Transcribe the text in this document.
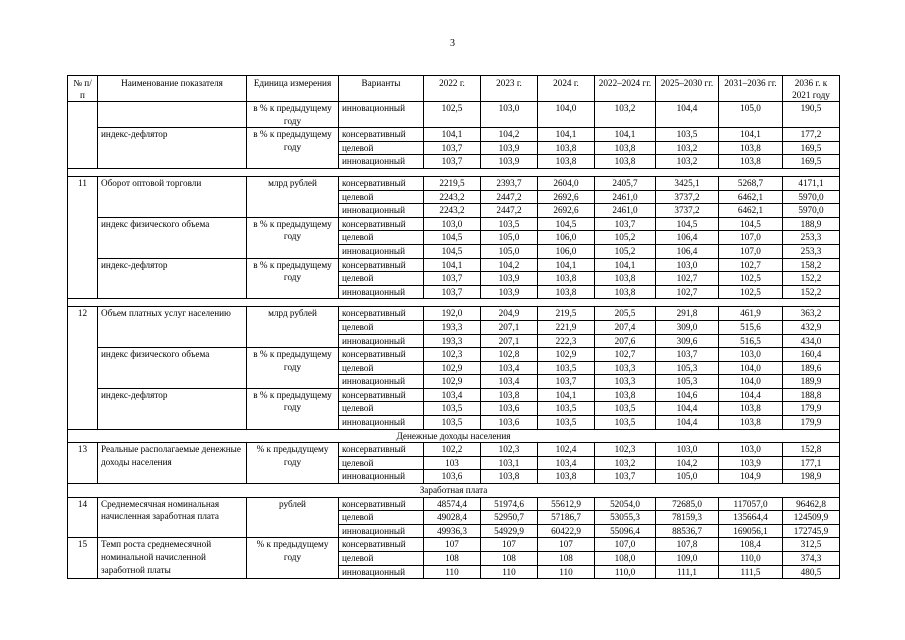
3
№ п/п	Наименование показателя	Единица измерения	Варианты	2022 г.	2023 г.	2024 г.	2022–2024 гг.	2025–2030 гг.	2031–2036 гг.	2036 г. к 2021 году
		в % к предыдущему году	инновационный	102,5	103,0	104,0	103,2	104,4	105,0	190,5
	индекс-дефлятор	в % к предыдущему году	консервативный	104,1	104,2	104,1	104,1	103,5	104,1	177,2
			целевой	103,7	103,9	103,8	103,8	103,2	103,8	169,5
			инновационный	103,7	103,9	103,8	103,8	103,2	103,8	169,5

11	Оборот оптовой торговли	млрд рублей	консервативный	2219,5	2393,7	2604,0	2405,7	3425,1	5268,7	4171,1
			целевой	2243,2	2447,2	2692,6	2461,0	3737,2	6462,1	5970,0
			инновационный	2243,2	2447,2	2692,6	2461,0	3737,2	6462,1	5970,0
	индекс физического объема	в % к предыдущему году	консервативный	103,0	103,5	104,5	103,7	104,5	104,5	188,9
			целевой	104,5	105,0	106,0	105,2	106,4	107,0	253,3
			инновационный	104,5	105,0	106,0	105,2	106,4	107,0	253,3
	индекс-дефлятор	в % к предыдущему году	консервативный	104,1	104,2	104,1	104,1	103,0	102,7	158,2
			целевой	103,7	103,9	103,8	103,8	102,7	102,5	152,2
			инновационный	103,7	103,9	103,8	103,8	102,7	102,5	152,2

12	Объем платных услуг населению	млрд рублей	консервативный	192,0	204,9	219,5	205,5	291,8	461,9	363,2
			целевой	193,3	207,1	221,9	207,4	309,0	515,6	432,9
			инновационный	193,3	207,1	222,3	207,6	309,6	516,5	434,0
	индекс физического объема	в % к предыдущему году	консервативный	102,3	102,8	102,9	102,7	103,7	103,0	160,4
			целевой	102,9	103,4	103,5	103,3	105,3	104,0	189,6
			инновационный	102,9	103,4	103,7	103,3	105,3	104,0	189,9
	индекс-дефлятор	в % к предыдущему году	консервативный	103,4	103,8	104,1	103,8	104,6	104,4	188,8
			целевой	103,5	103,6	103,5	103,5	104,4	103,8	179,9
			инновационный	103,5	103,6	103,5	103,5	104,4	103,8	179,9
Денежные доходы населения										
13	Реальные располагаемые денежные доходы населения	% к предыдущему году	консервативный	102,2	102,3	102,4	102,3	103,0	103,0	152,8
			целевой	103	103,1	103,4	103,2	104,2	103,9	177,1
			инновационный	103,6	103,8	103,8	103,7	105,0	104,9	198,9
Заработная плата										
14	Среднемесячная номинальная начисленная заработная плата	рублей	консервативный	48574,4	51974,6	55612,9	52054,0	72685,0	117057,0	96462,8
			целевой	49028,4	52950,7	57186,7	53055,3	78159,3	135664,4	124509,9
			инновационный	49936,3	54929,9	60422,9	55096,4	88536,7	169056,1	172745,9
15	Темп роста среднемесячной номинальной начисленной заработной платы	% к предыдущему году	консервативный	107	107	107	107,0	107,8	108,4	312,5
			целевой	108	108	108	108,0	109,0	110,0	374,3
			инновационный	110	110	110	110,0	111,1	111,5	480,5
